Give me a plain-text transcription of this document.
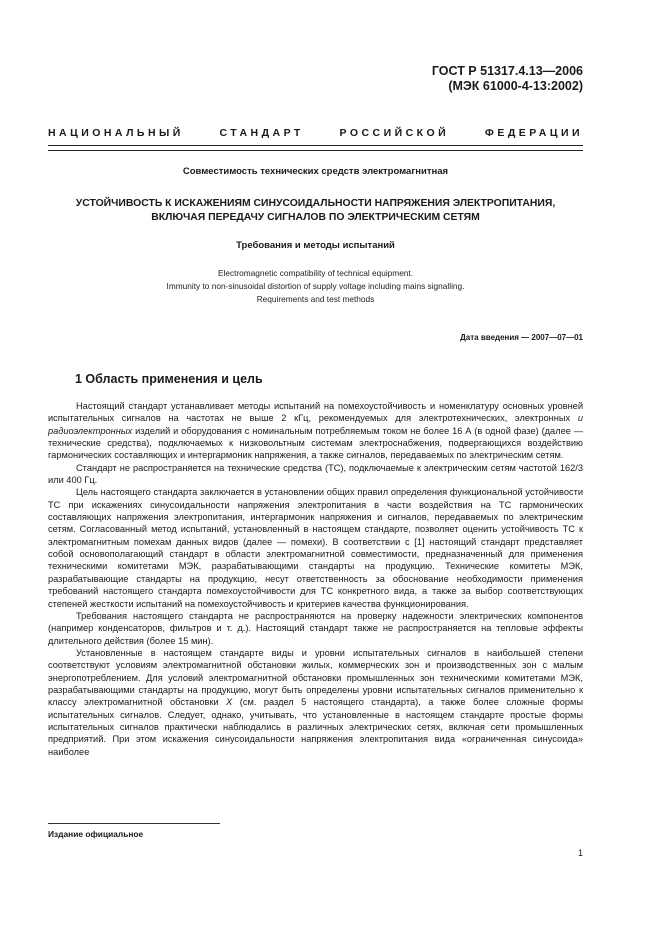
ГОСТ Р 51317.4.13—2006
(МЭК 61000-4-13:2002)
НАЦИОНАЛЬНЫЙ СТАНДАРТ РОССИЙСКОЙ ФЕДЕРАЦИИ
Совместимость технических средств электромагнитная
УСТОЙЧИВОСТЬ К ИСКАЖЕНИЯМ СИНУСОИДАЛЬНОСТИ НАПРЯЖЕНИЯ ЭЛЕКТРОПИТАНИЯ,
ВКЛЮЧАЯ ПЕРЕДАЧУ СИГНАЛОВ ПО ЭЛЕКТРИЧЕСКИМ СЕТЯМ
Требования и методы испытаний
Electromagnetic compatibility of technical equipment.
Immunity to non-sinusoidal distortion of supply voltage including mains signalling.
Requirements and test methods
Дата введения — 2007—07—01
1 Область применения и цель

Настоящий стандарт устанавливает методы испытаний на помехоустойчивость и номенклатуру основных уровней испытательных сигналов на частотах не выше 2 кГц, рекомендуемых для электротехнических, электронных и радиоэлектронных изделий и оборудования с номинальным потребляемым током не более 16 А (в одной фазе) (далее — технические средства), подключаемых к низковольтным системам электроснабжения, подвергающихся воздействию гармонических составляющих и интергармоник напряжения, а также сигналов, передаваемых по электрическим сетям.

Стандарт не распространяется на технические средства (ТС), подключаемые к электрическим сетям частотой 162/3 или 400 Гц.

Цель настоящего стандарта заключается в установлении общих правил определения функциональной устойчивости ТС при искажениях синусоидальности напряжения электропитания в части воздействия на ТС гармонических составляющих напряжения электропитания, интергармоник напряжения и сигналов, передаваемых по электрическим сетям. Согласованный метод испытаний, установленный в настоящем стандарте, позволяет оценить устойчивость ТС к электромагнитным помехам данных видов (далее — помехи). В соответствии с [1] настоящий стандарт представляет собой основополагающий стандарт в области электромагнитной совместимости, предназначенный для применения техническими комитетами МЭК, разрабатывающими стандарты на продукцию. Технические комитеты МЭК, разрабатывающие стандарты на продукцию, несут ответственность за обоснование необходимости применения требований настоящего стандарта помехоустойчивости для ТС конкретного вида, а также за выбор соответствующих степеней жесткости испытаний на помехоустойчивость и критериев качества функционирования.

Требования настоящего стандарта не распространяются на проверку надежности электрических компонентов (например конденсаторов, фильтров и т. д.). Настоящий стандарт также не распространяется на тепловые эффекты длительного действия (более 15 мин).

Установленные в настоящем стандарте виды и уровни испытательных сигналов в наибольшей степени соответствуют условиям электромагнитной обстановки жилых, коммерческих зон и производственных зон с малым энергопотреблением. Для условий электромагнитной обстановки промышленных зон техническими комитетами МЭК, разрабатывающими стандарты на продукцию, могут быть определены уровни испытательных сигналов применительно к классу электромагнитной обстановки X (см. раздел 5 настоящего стандарта), а также более сложные формы испытательных сигналов. Следует, однако, учитывать, что установленные в настоящем стандарте простые формы испытательных сигналов практически наблюдались в различных электрических сетях, включая сети промышленных предприятий. При этом искажения синусоидальности напряжения электропитания вида «ограниченная синусоида» наиболее

Издание официальное
1
